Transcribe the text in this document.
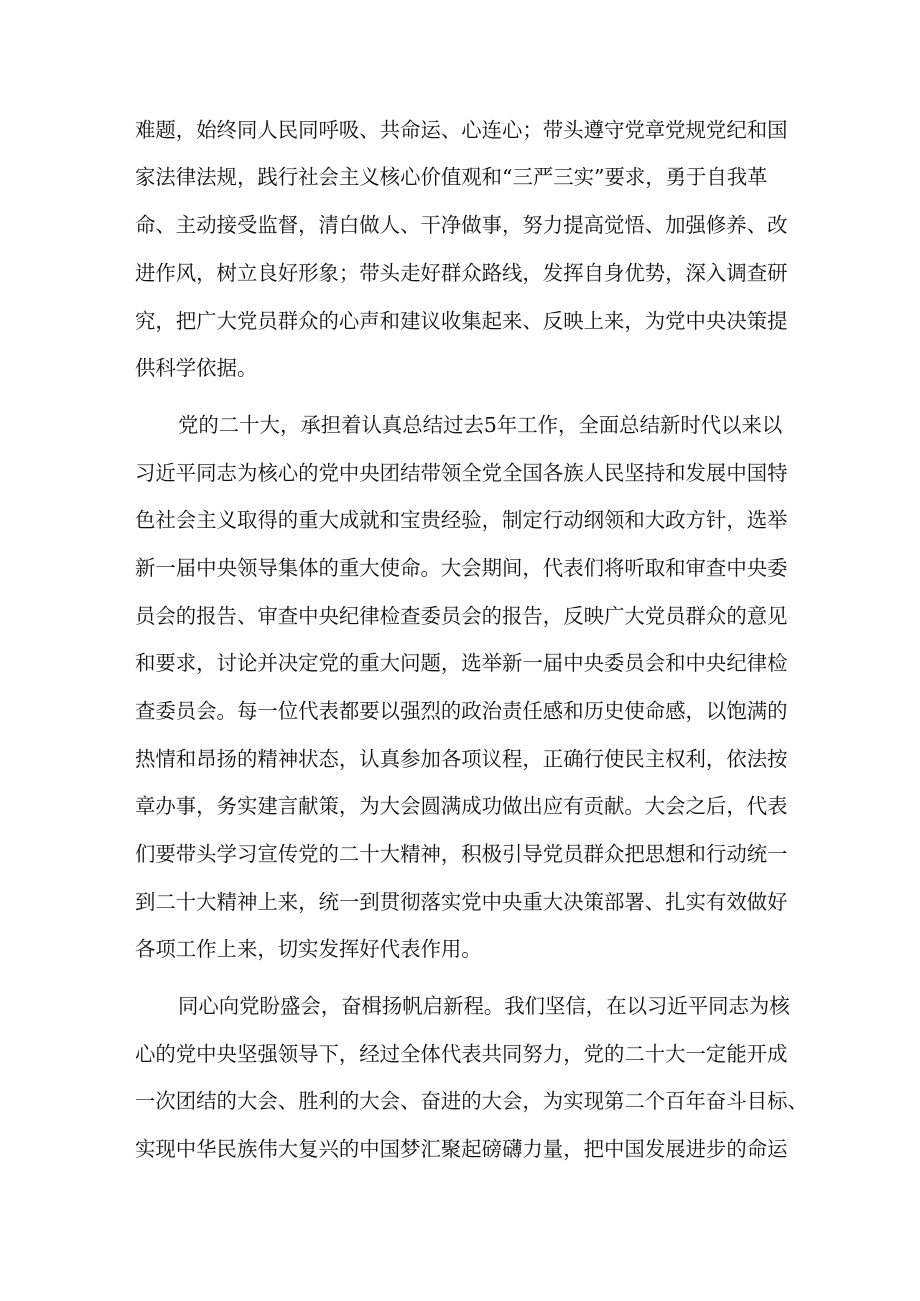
难题，始终同人民同呼吸、共命运、心连心；带头遵守党章党规党纪和国
家法律法规，践行社会主义核心价值观和“三严三实”要求，勇于自我革
命、主动接受监督，清白做人、干净做事，努力提高觉悟、加强修养、改
进作风，树立良好形象；带头走好群众路线，发挥自身优势，深入调查研
究，把广大党员群众的心声和建议收集起来、反映上来，为党中央决策提
供科学依据。
党的二十大，承担着认真总结过去5年工作，全面总结新时代以来以
习近平同志为核心的党中央团结带领全党全国各族人民坚持和发展中国特
色社会主义取得的重大成就和宝贵经验，制定行动纲领和大政方针，选举
新一届中央领导集体的重大使命。大会期间，代表们将听取和审查中央委
员会的报告、审查中央纪律检查委员会的报告，反映广大党员群众的意见
和要求，讨论并决定党的重大问题，选举新一届中央委员会和中央纪律检
查委员会。每一位代表都要以强烈的政治责任感和历史使命感，以饱满的
热情和昂扬的精神状态，认真参加各项议程，正确行使民主权利，依法按
章办事，务实建言献策，为大会圆满成功做出应有贡献。大会之后，代表
们要带头学习宣传党的二十大精神，积极引导党员群众把思想和行动统一
到二十大精神上来，统一到贯彻落实党中央重大决策部署、扎实有效做好
各项工作上来，切实发挥好代表作用。
同心向党盼盛会，奋楫扬帆启新程。我们坚信，在以习近平同志为核
心的党中央坚强领导下，经过全体代表共同努力，党的二十大一定能开成
一次团结的大会、胜利的大会、奋进的大会，为实现第二个百年奋斗目标、
实现中华民族伟大复兴的中国梦汇聚起磅礴力量，把中国发展进步的命运
